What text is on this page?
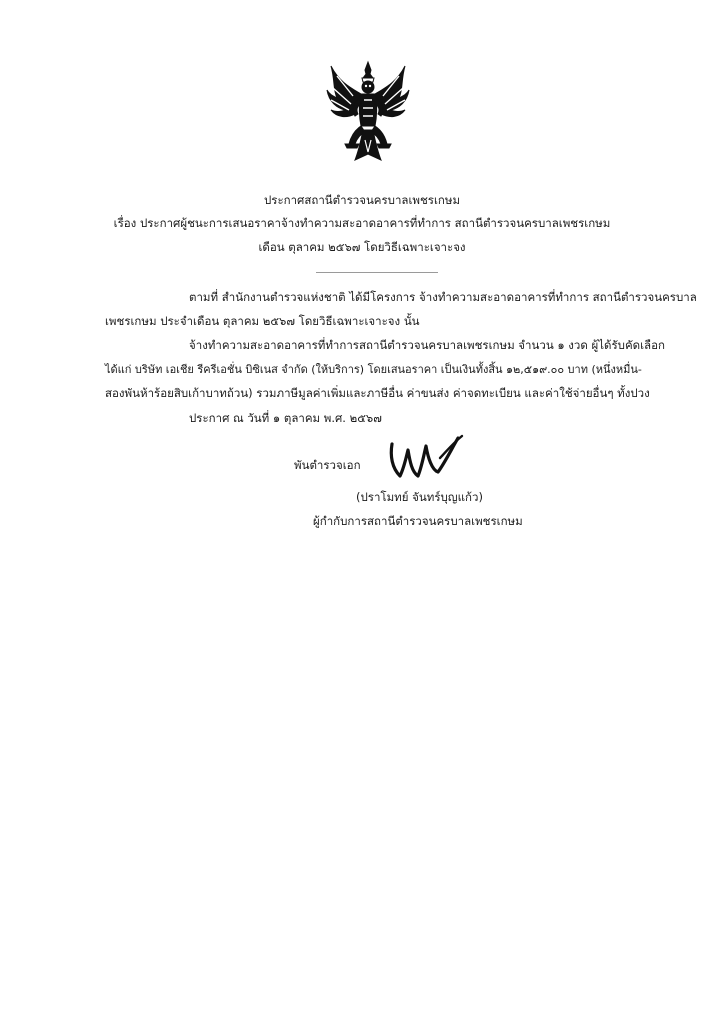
ประกาศสถานีตำรวจนครบาลเพชรเกษม
เรื่อง ประกาศผู้ชนะการเสนอราคาจ้างทำความสะอาดอาคารที่ทำการ สถานีตำรวจนครบาลเพชรเกษม
เดือน ตุลาคม ๒๕๖๗ โดยวิธีเฉพาะเจาะจง
ตามที่ สำนักงานตำรวจแห่งชาติ ได้มีโครงการ จ้างทำความสะอาดอาคารที่ทำการ สถานีตำรวจนครบาล
เพชรเกษม ประจำเดือน ตุลาคม ๒๕๖๗ โดยวิธีเฉพาะเจาะจง นั้น
จ้างทำความสะอาดอาคารที่ทำการสถานีตำรวจนครบาลเพชรเกษม จำนวน ๑ งวด ผู้ได้รับคัดเลือก
ได้แก่ บริษัท เอเชีย รีครีเอชั่น บิซิเนส จำกัด (ให้บริการ) โดยเสนอราคา เป็นเงินทั้งสิ้น ๑๒,๕๑๙.๐๐ บาท (หนึ่งหมื่น-
สองพันห้าร้อยสิบเก้าบาทถ้วน) รวมภาษีมูลค่าเพิ่มและภาษีอื่น ค่าขนส่ง ค่าจดทะเบียน และค่าใช้จ่ายอื่นๆ ทั้งปวง
ประกาศ ณ วันที่ ๑ ตุลาคม พ.ศ. ๒๕๖๗
พันตำรวจเอก
(ปราโมทย์ จันทร์บุญแก้ว)
ผู้กำกับการสถานีตำรวจนครบาลเพชรเกษม
